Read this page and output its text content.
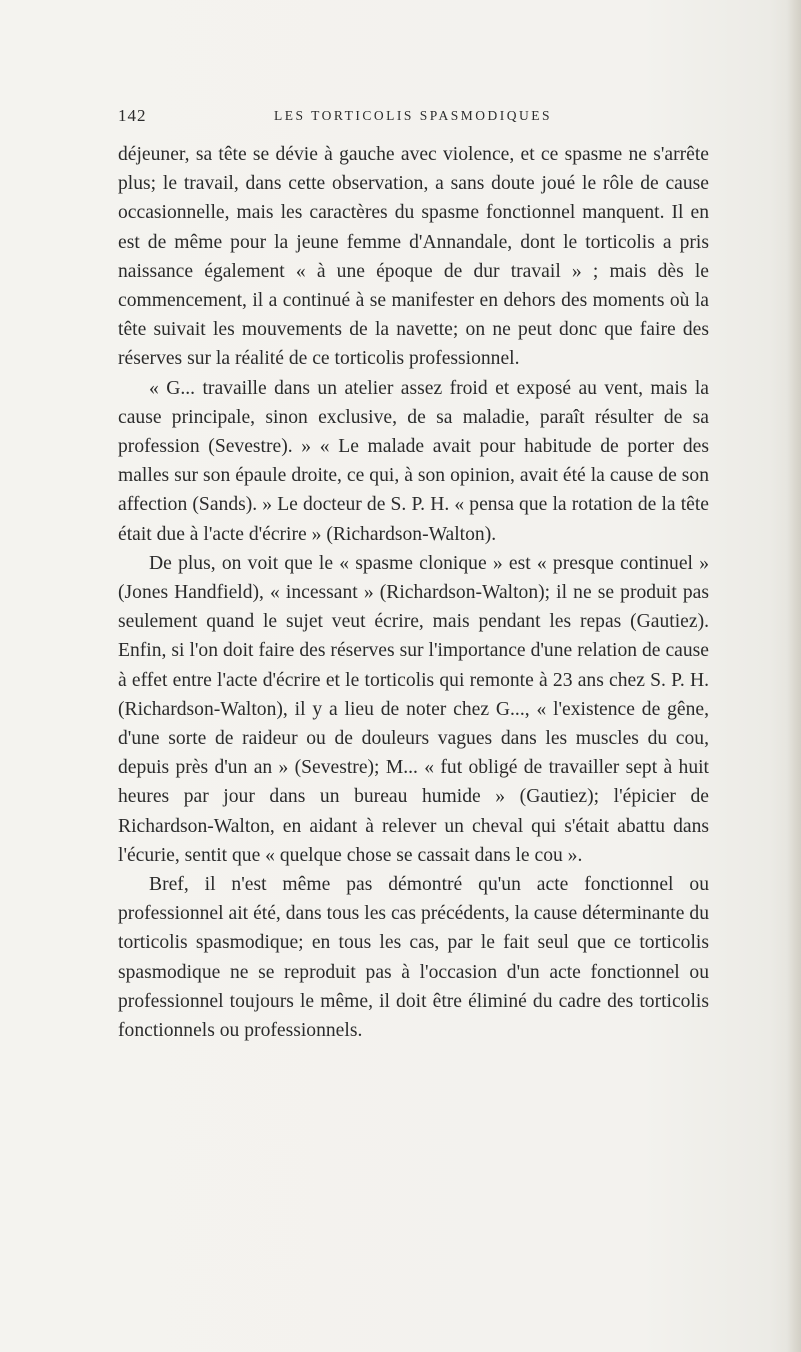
142	LES TORTICOLIS SPASMODIQUES

déjeuner, sa tête se dévie à gauche avec violence, et ce spasme ne s'arrête plus; le travail, dans cette observation, a sans doute joué le rôle de cause occasionnelle, mais les caractères du spasme fonctionnel manquent. Il en est de même pour la jeune femme d'Annandale, dont le torticolis a pris naissance également « à une époque de dur travail » ; mais dès le commencement, il a continué à se manifester en dehors des moments où la tête suivait les mouvements de la navette; on ne peut donc que faire des réserves sur la réalité de ce torticolis professionnel.

« G... travaille dans un atelier assez froid et exposé au vent, mais la cause principale, sinon exclusive, de sa maladie, paraît résulter de sa profession (Sevestre). » « Le malade avait pour habitude de porter des malles sur son épaule droite, ce qui, à son opinion, avait été la cause de son affection (Sands). » Le docteur de S. P. H. « pensa que la rotation de la tête était due à l'acte d'écrire » (Richardson-Walton).

De plus, on voit que le « spasme clonique » est « presque continuel » (Jones Handfield), « incessant » (Richardson-Walton); il ne se produit pas seulement quand le sujet veut écrire, mais pendant les repas (Gautiez). Enfin, si l'on doit faire des réserves sur l'importance d'une relation de cause à effet entre l'acte d'écrire et le torticolis qui remonte à 23 ans chez S. P. H. (Richardson-Walton), il y a lieu de noter chez G..., « l'existence de gêne, d'une sorte de raideur ou de douleurs vagues dans les muscles du cou, depuis près d'un an » (Sevestre); M... « fut obligé de travailler sept à huit heures par jour dans un bureau humide » (Gautiez); l'épicier de Richardson-Walton, en aidant à relever un cheval qui s'était abattu dans l'écurie, sentit que « quelque chose se cassait dans le cou ».

Bref, il n'est même pas démontré qu'un acte fonctionnel ou professionnel ait été, dans tous les cas précédents, la cause déterminante du torticolis spasmodique; en tous les cas, par le fait seul que ce torticolis spasmodique ne se reproduit pas à l'occasion d'un acte fonctionnel ou professionnel toujours le même, il doit être éliminé du cadre des torticolis fonctionnels ou professionnels.
